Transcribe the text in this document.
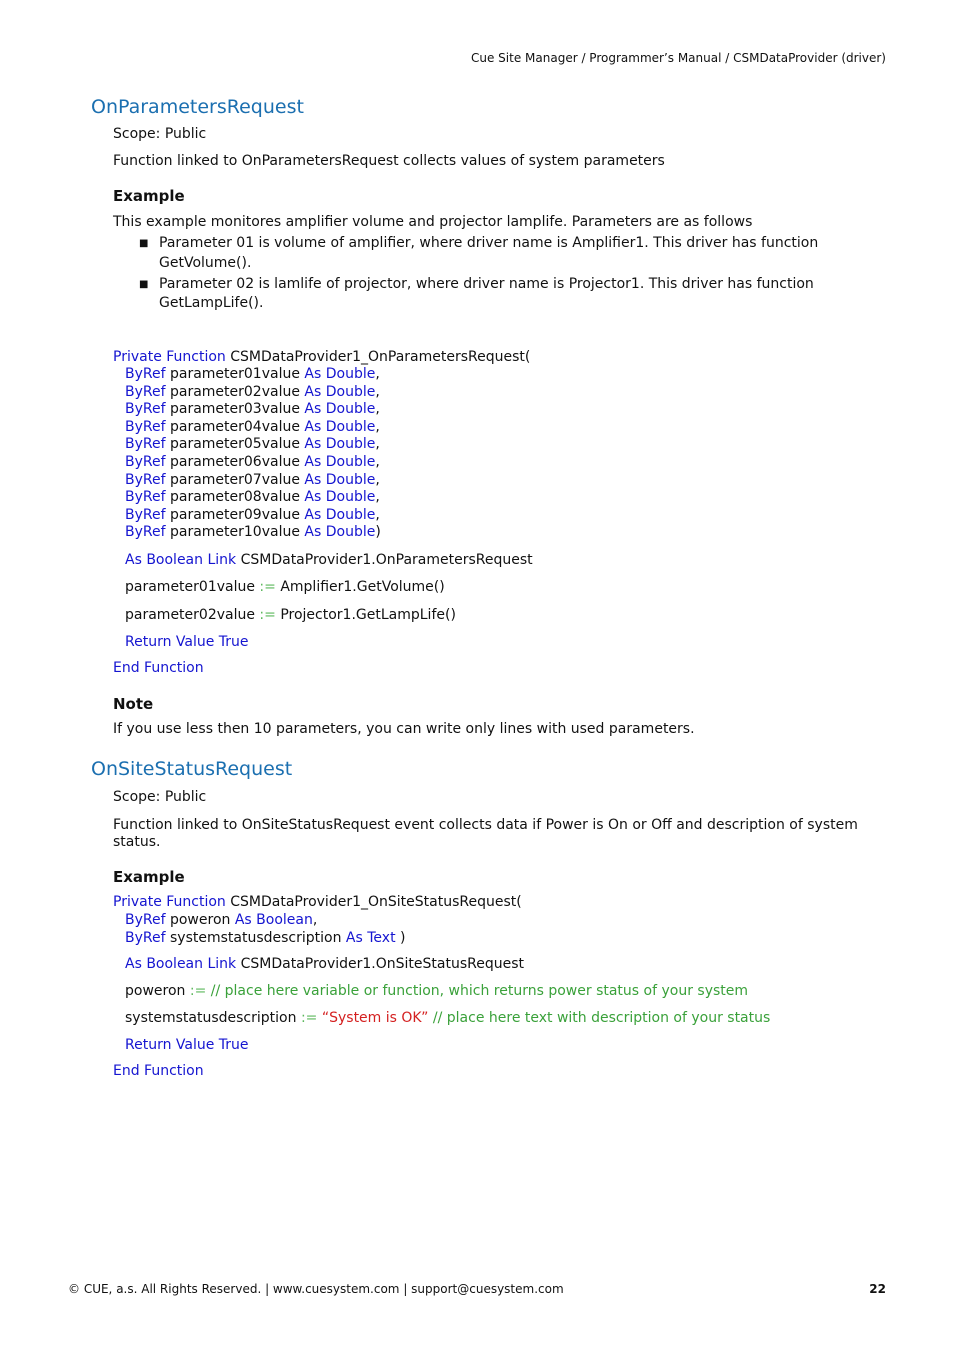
Cue Site Manager / Programmer’s Manual / CSMDataProvider (driver)
OnParametersRequest
Scope: Public
Function linked to OnParametersRequest collects values of system parameters
Example
This example monitores amplifier volume and projector lamplife. Parameters are as follows
■ Parameter 01 is volume of amplifier, where driver name is Amplifier1. This driver has function
GetVolume().
■ Parameter 02 is lamlife of projector, where driver name is Projector1. This driver has function
GetLampLife().
Private Function CSMDataProvider1_OnParametersRequest(
ByRef parameter01value As Double,
ByRef parameter02value As Double,
ByRef parameter03value As Double,
ByRef parameter04value As Double,
ByRef parameter05value As Double,
ByRef parameter06value As Double,
ByRef parameter07value As Double,
ByRef parameter08value As Double,
ByRef parameter09value As Double,
ByRef parameter10value As Double)
As Boolean Link CSMDataProvider1.OnParametersRequest
parameter01value := Amplifier1.GetVolume()
parameter02value := Projector1.GetLampLife()
Return Value True
End Function
Note
If you use less then 10 parameters, you can write only lines with used parameters.
OnSiteStatusRequest
Scope: Public
Function linked to OnSiteStatusRequest event collects data if Power is On or Off and description of system
status.
Example
Private Function CSMDataProvider1_OnSiteStatusRequest(
ByRef poweron As Boolean,
ByRef systemstatusdescription As Text )
As Boolean Link CSMDataProvider1.OnSiteStatusRequest
poweron := // place here variable or function, which returns power status of your system
systemstatusdescription := “System is OK” // place here text with description of your status
Return Value True
End Function
© CUE, a.s. All Rights Reserved. | www.cuesystem.com | support@cuesystem.com	22
